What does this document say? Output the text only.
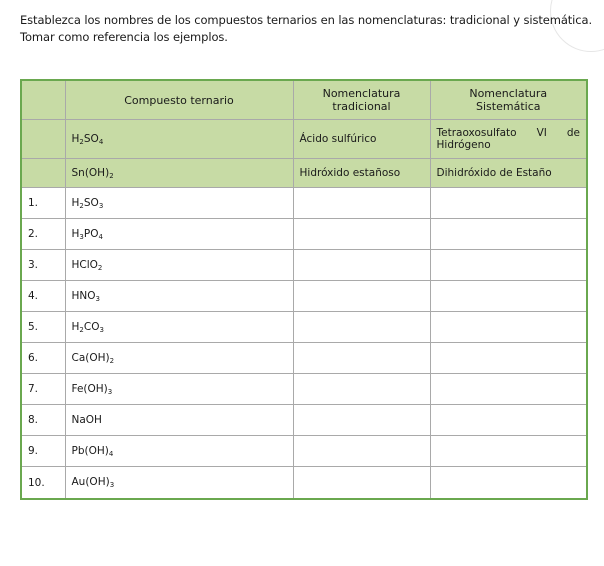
Establezca los nombres de los compuestos ternarios en las nomenclaturas: tradicional y sistemática.
Tomar como referencia los ejemplos.
	Compuesto ternario	Nomenclatura tradicional	Nomenclatura Sistemática
	$H_2SO_4$	Ácido sulfúrico	Tetraoxosulfato VI de
Hidrógeno

	$Sn(OH)_2$	Hidróxido estañoso	Dihidróxido de Estaño
1.	$H_2SO_3$		
2.	$H_3PO_4$		
3.	HClO$_2$		
4.	$HNO_3$		
5.	$H_2CO_3$		
6.	$Ca(OH)_2$		
7.	$Fe(OH)_3$		
8.	NaOH		
9.	$Pb(OH)_4$		
10.	$Au(OH)_3$		
